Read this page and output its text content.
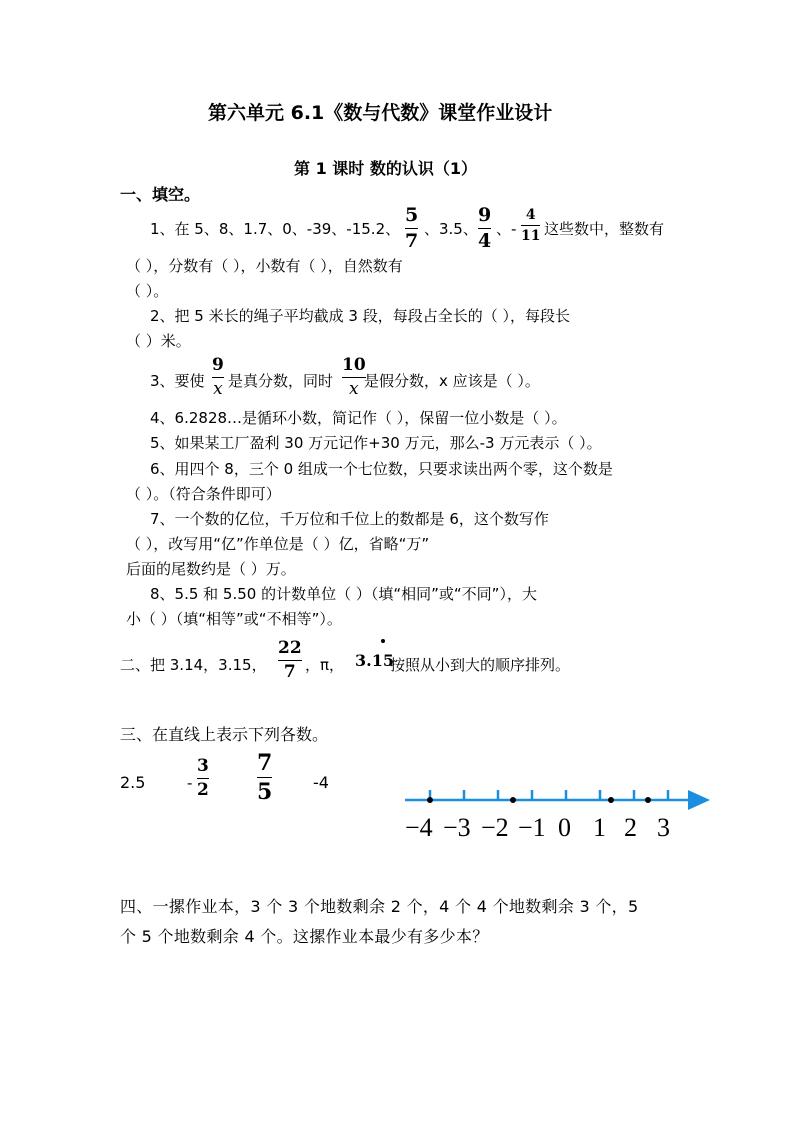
第六单元 6.1《数与代数》课堂作业设计
第 1 课时 数的认识（1）
一、填空。
1、在 5、8、1.7、0、-39、-15.2、
5
7
、3.5、
9
4
、-
4
11 这些数中，整数有
（ ），分数有（ ），小数有（ ），自然数有
（ ）。
2、把 5 米长的绳子平均截成 3 段，每段占全长的（ ），每段长
（ ）米。
3、要使
9
x 是真分数，同时
10
x 是假分数，x 应该是（ ）。
4、6.2828…是循环小数，简记作（ ），保留一位小数是（ ）。
5、如果某工厂盈利 30 万元记作+30 万元，那么-3 万元表示（ ）。
6、用四个 8，三个 0 组成一个七位数，只要求读出两个零，这个数是
（ ）。（符合条件即可）
7、一个数的亿位，千万位和千位上的数都是 6，这个数写作
（ ），改写用“亿”作单位是（ ）亿，省略“万”
后面的尾数约是（ ）万。
8、5.5 和 5.50 的计数单位（ ）（填“相同”或“不同”），大
小（ ）（填“相等”或“不相等”）。
二、把 3.14，3.15，
22
7 ，π， 3.15
按照从小到大的顺序排列。
三、在直线上表示下列各数。
2.5	-
3
2
7
5	-4
−4 −3 −2 −1 0 1 2 3
四、一摞作业本，3 个 3 个地数剩余 2 个，4 个 4 个地数剩余 3 个，5
个 5 个地数剩余 4 个。这摞作业本最少有多少本？
